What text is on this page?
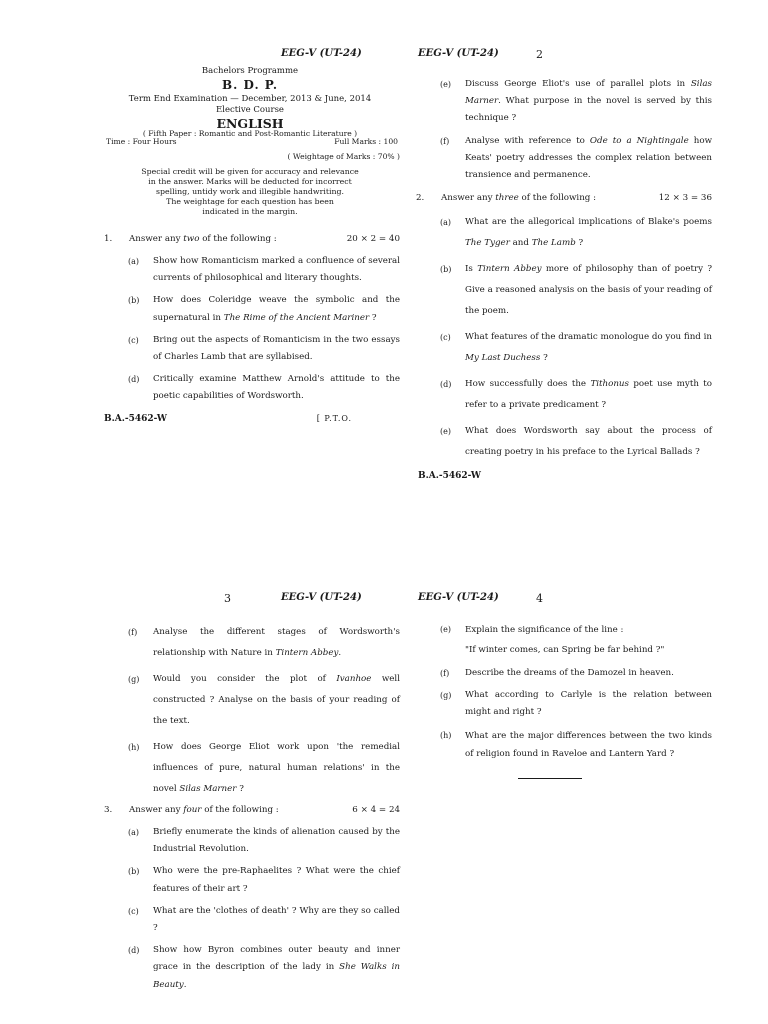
EEG-V (UT-24)
Bachelors Programme
B. D. P.
Term End Examination — December, 2013 & June, 2014
Elective Course
ENGLISH
( Fifth Paper : Romantic and Post-Romantic Literature )
Time : Four Hours	Full Marks : 100
( Weightage of Marks : 70% )
Special credit will be given for accuracy and relevance
in the answer. Marks will be deducted for incorrect
spelling, untidy work and illegible handwriting.
The weightage for each question has been
indicated in the margin.
1. Answer any two of the following :	20 × 2 = 40
(a) Show how Romanticism marked a confluence of several currents of philosophical and literary thoughts.
(b) How does Coleridge weave the symbolic and the supernatural in The Rime of the Ancient Mariner ?
(c) Bring out the aspects of Romanticism in the two essays of Charles Lamb that are syllabised.
(d) Critically examine Matthew Arnold's attitude to the poetic capabilities of Wordsworth.
B.A.-5462-W	[ P.T.O.
EEG-V (UT-24)	2
(e) Discuss George Eliot's use of parallel plots in Silas Marner. What purpose in the novel is served by this technique ?
(f) Analyse with reference to Ode to a Nightingale how Keats' poetry addresses the complex relation between transience and permanence.
2. Answer any three of the following :	12 × 3 = 36
(a) What are the allegorical implications of Blake's poems The Tyger and The Lamb ?
(b) Is Tintern Abbey more of philosophy than of poetry ? Give a reasoned analysis on the basis of your reading of the poem.
(c) What features of the dramatic monologue do you find in My Last Duchess ?
(d) How successfully does the Tithonus poet use myth to refer to a private predicament ?
(e) What does Wordsworth say about the process of creating poetry in his preface to the Lyrical Ballads ?
B.A.-5462-W
3	EEG-V (UT-24)
(f) Analyse the different stages of Wordsworth's relationship with Nature in Tintern Abbey.
(g) Would you consider the plot of Ivanhoe well constructed ? Analyse on the basis of your reading of the text.
(h) How does George Eliot work upon 'the remedial influences of pure, natural human relations' in the novel Silas Marner ?
3. Answer any four of the following :	6 × 4 = 24
(a) Briefly enumerate the kinds of alienation caused by the Industrial Revolution.
(b) Who were the pre-Raphaelites ? What were the chief features of their art ?
(c) What are the 'clothes of death' ? Why are they so called ?
(d) Show how Byron combines outer beauty and inner grace in the description of the lady in She Walks in Beauty.
EEG-V (UT-24)	4
(e) Explain the significance of the line :
"If winter comes, can Spring be far behind ?"
(f) Describe the dreams of the Damozel in heaven.
(g) What according to Carlyle is the relation between might and right ?
(h) What are the major differences between the two kinds of religion found in Raveloe and Lantern Yard ?
